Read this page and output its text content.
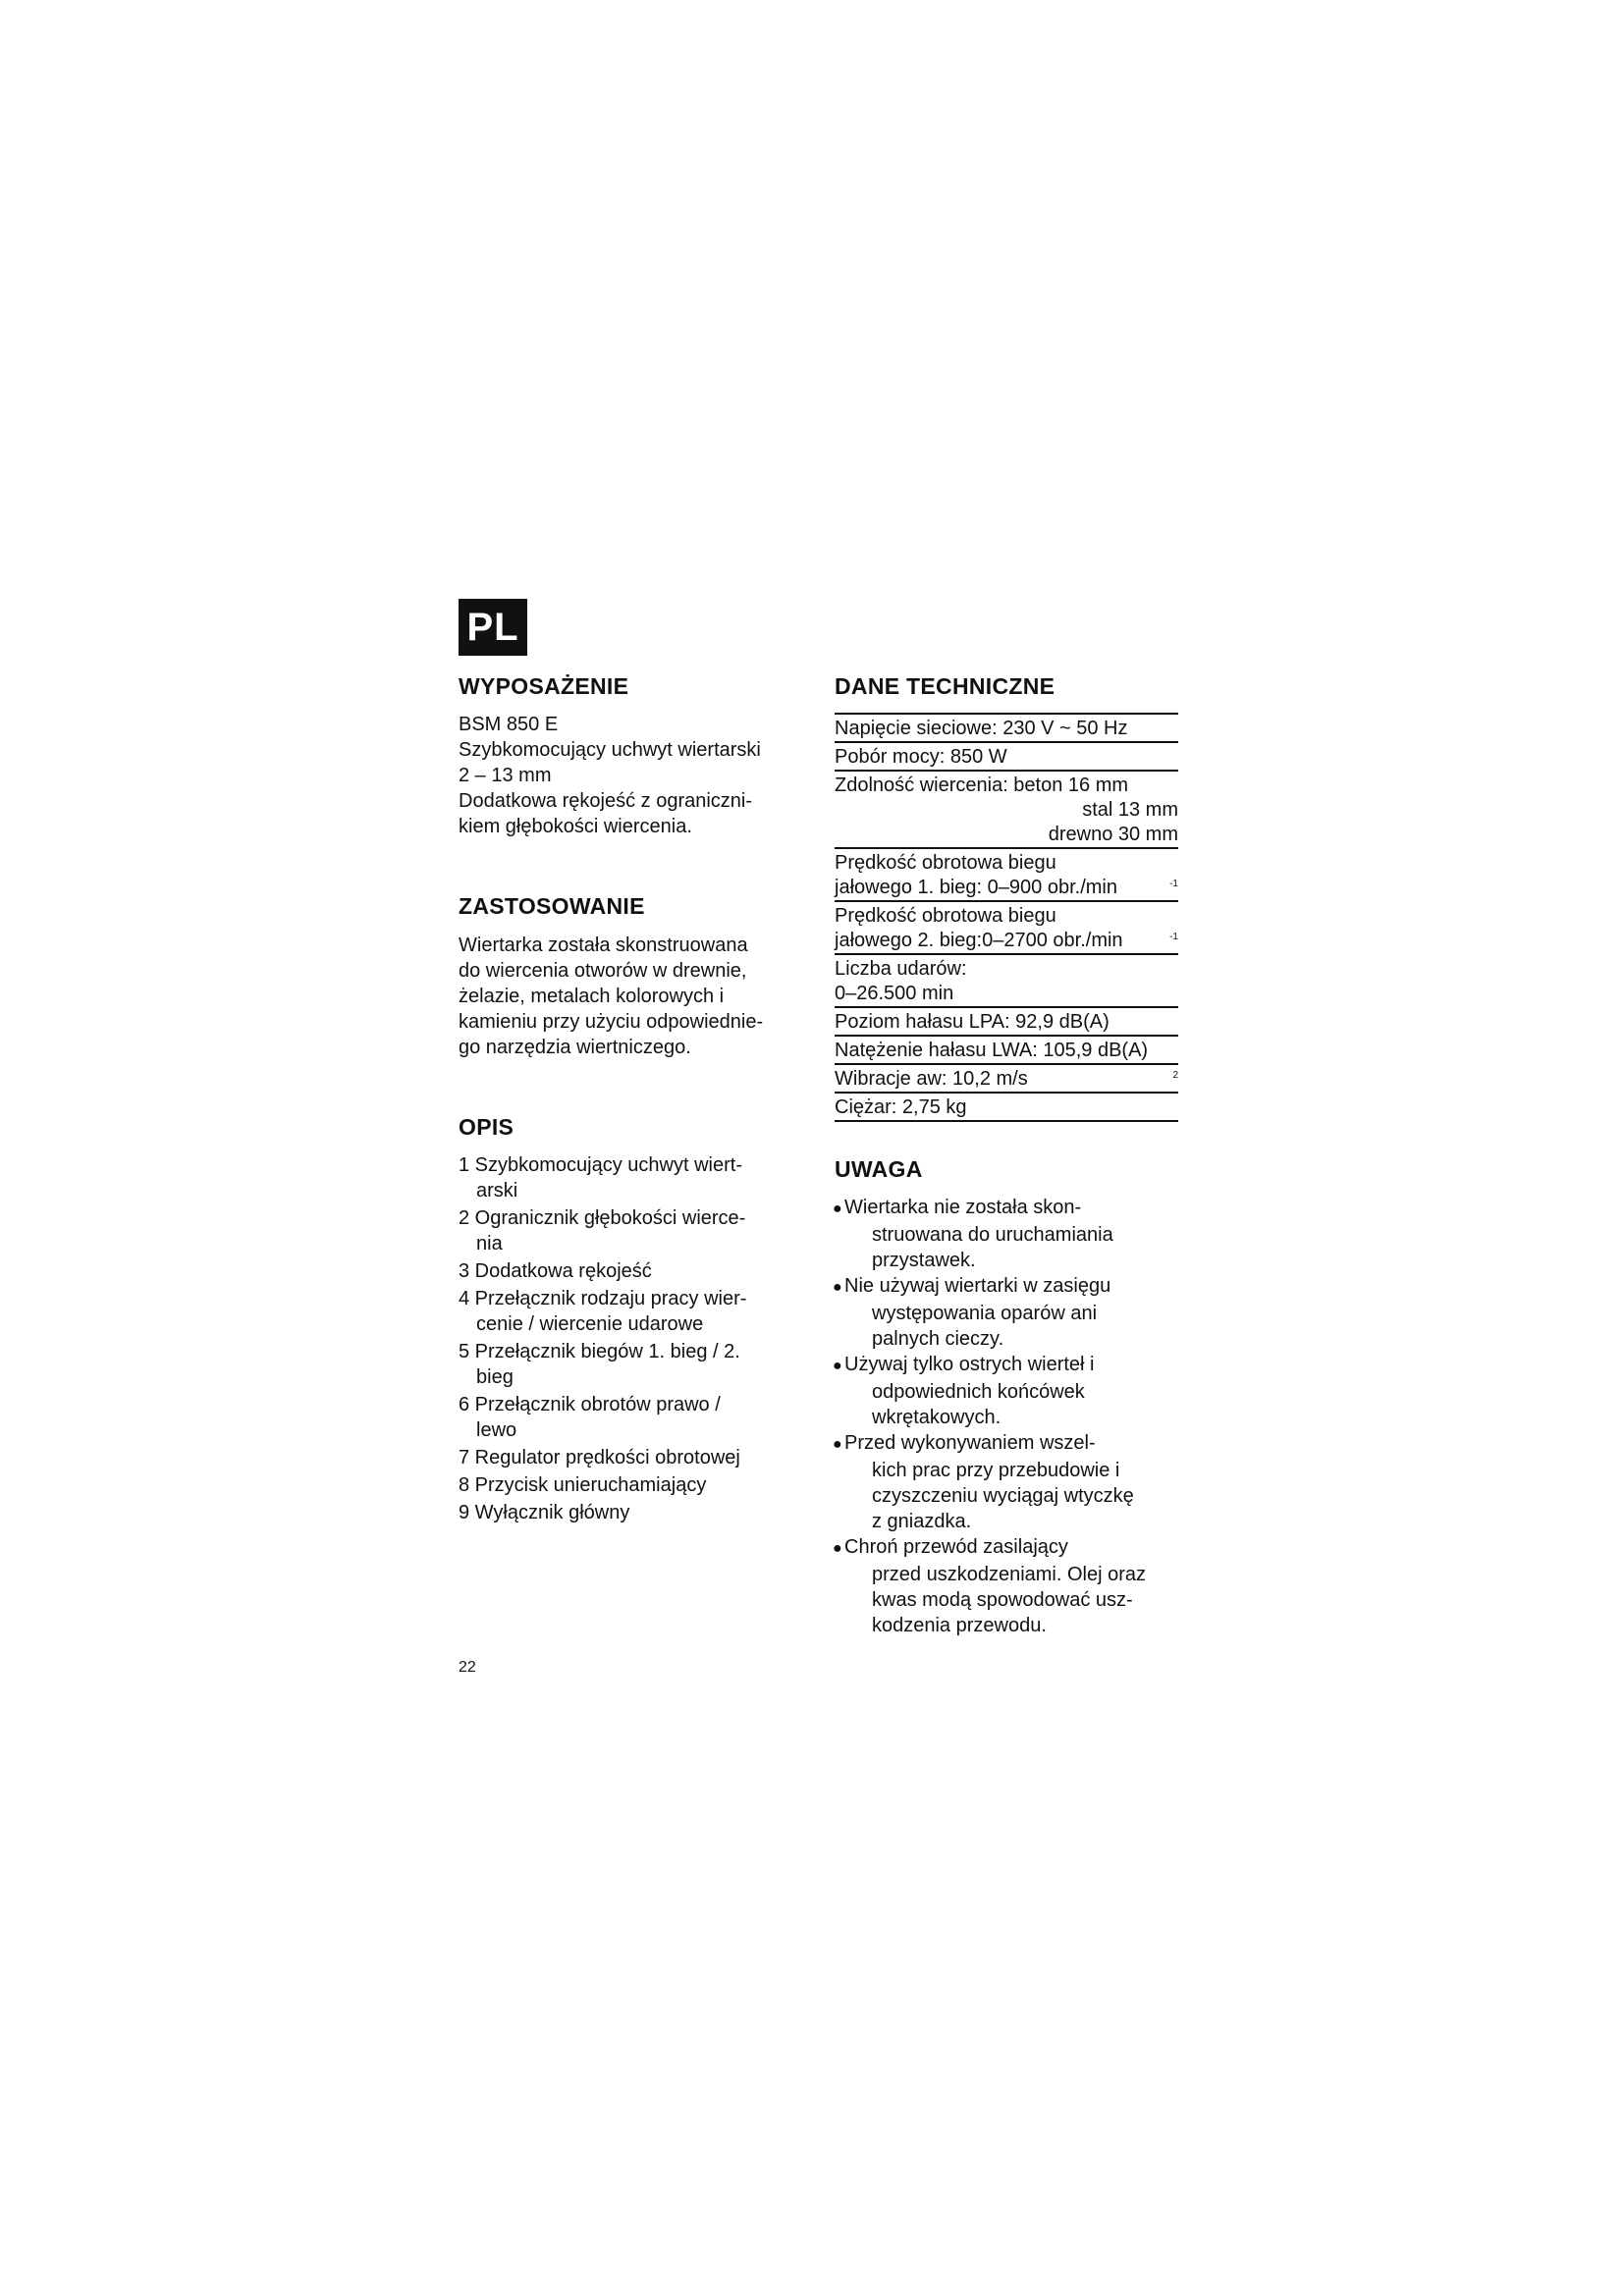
PL
WYPOSAŻENIE
BSM 850 E
Szybkomocujący uchwyt wiertarski
2 – 13 mm
Dodatkowa rękojeść z ograniczni-
kiem głębokości wiercenia.
ZASTOSOWANIE
Wiertarka została skonstruowana
do wiercenia otworów w drewnie,
żelazie, metalach kolorowych i
kamieniu przy użyciu odpowiednie-
go narzędzia wiertniczego.
OPIS
1 Szybkomocujący uchwyt wiert-
arski
2 Ogranicznik głębokości wierce-
nia
3 Dodatkowa rękojeść
4 Przełącznik rodzaju pracy wier-
cenie / wiercenie udarowe
5 Przełącznik biegów 1. bieg / 2.
bieg
6 Przełącznik obrotów prawo /
lewo
7 Regulator prędkości obrotowej
8 Przycisk unieruchamiający
9 Wyłącznik główny
DANE TECHNICZNE
Napięcie sieciowe: 230 V ~ 50 Hz
Pobór mocy: 850 W
Zdolność wiercenia: beton 16 mm
stal 13 mm
drewno 30 mm
Prędkość obrotowa biegu
-1
jałowego 1. bieg: 0–900 obr./min
Prędkość obrotowa biegu
-1
jałowego 2. bieg:0–2700 obr./min
Liczba udarów:
0–26.500 min
Poziom hałasu LPA: 92,9 dB(A)
Natężenie hałasu LWA: 105,9 dB(A)
2
Wibracje aw: 10,2 m/s
Ciężar: 2,75 kg
UWAGA
● Wiertarka nie została skon-
struowana do uruchamiania
przystawek.
● Nie używaj wiertarki w zasięgu
występowania oparów ani
palnych cieczy.
● Używaj tylko ostrych wierteł i
odpowiednich końcówek
wkrętakowych.
● Przed wykonywaniem wszel-
kich prac przy przebudowie i
czyszczeniu wyciągaj wtyczkę
z gniazdka.
● Chroń przewód zasilający
przed uszkodzeniami. Olej oraz
kwas modą spowodować usz-
kodzenia przewodu.
22
